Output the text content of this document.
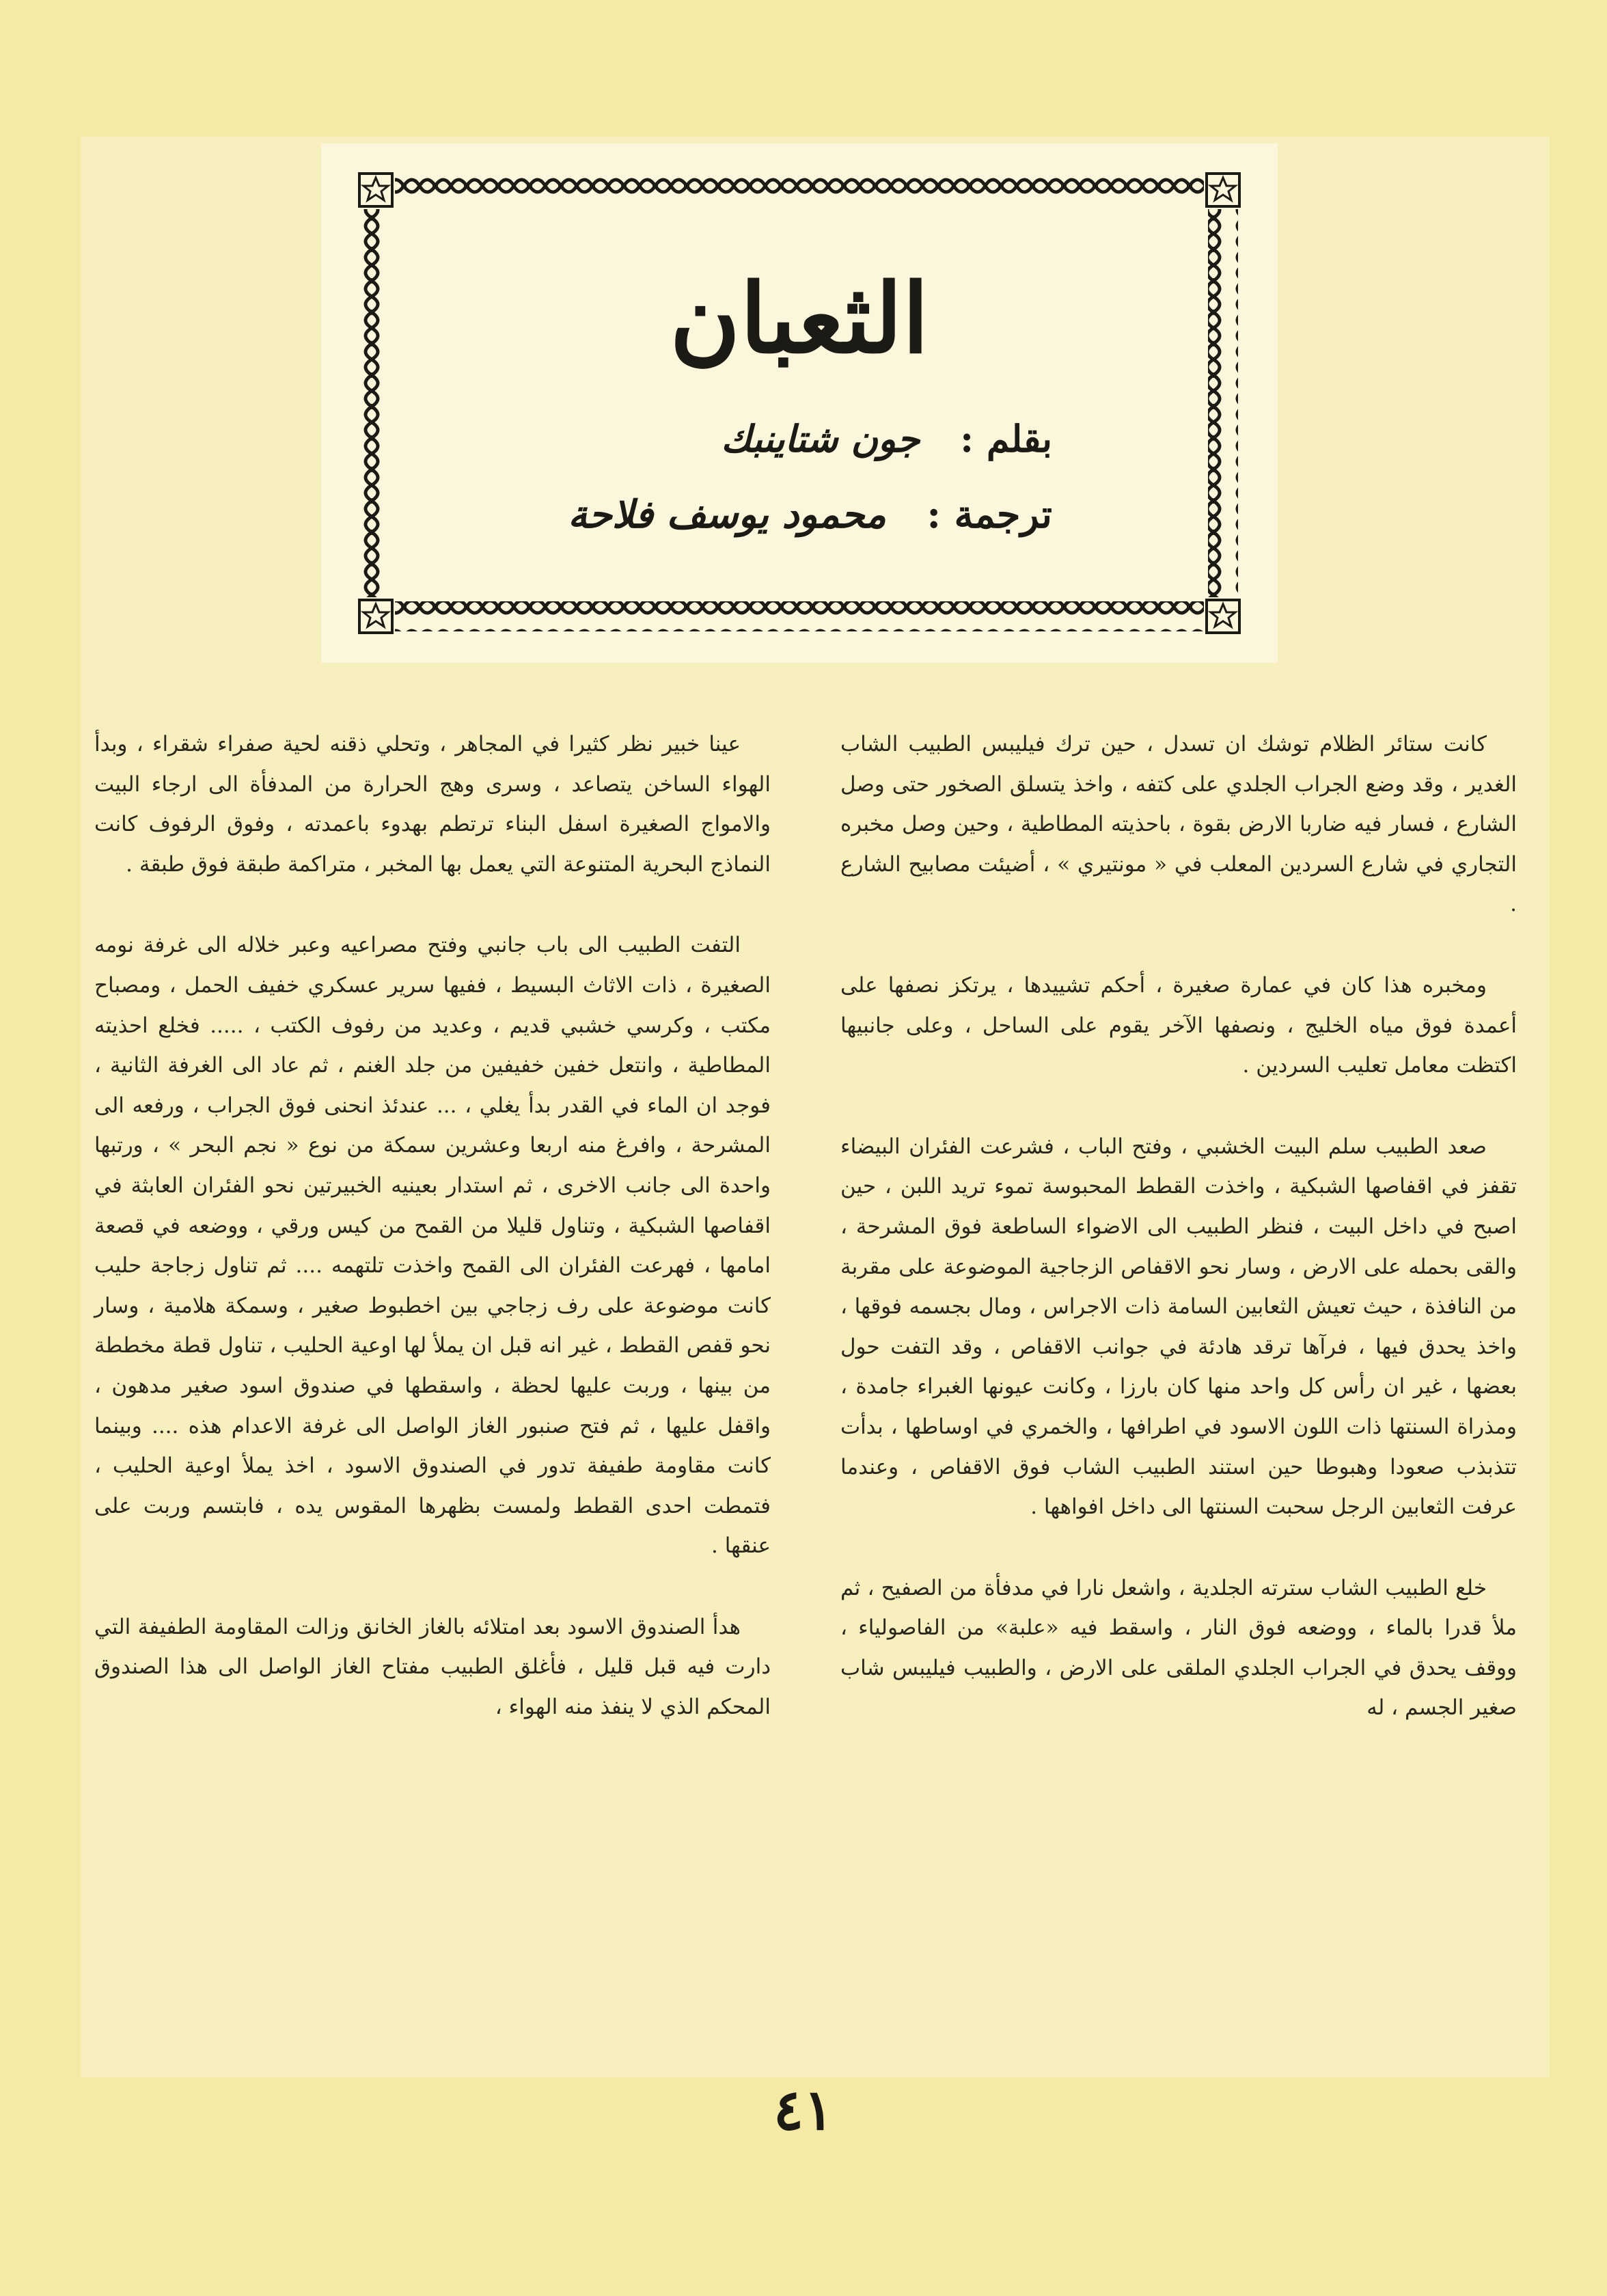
الثعبان
بقلم : جون شتاينبك
ترجمة : محمود يوسف فلاحة

كانت ستائر الظلام توشك ان تسدل ، حين ترك فيليبس الطبيب الشاب الغدير ، وقد وضع الجراب الجلدي على كتفه ، واخذ يتسلق الصخور حتى وصل الشارع ، فسار فيه ضاربا الارض بقوة ، باحذيته المطاطية ، وحين وصل مخبره التجاري في شارع السردين المعلب في « مونتيري » ، أضيئت مصابيح الشارع .

ومخبره هذا كان في عمارة صغيرة ، أحكم تشييدها ، يرتكز نصفها على أعمدة فوق مياه الخليج ، ونصفها الآخر يقوم على الساحل ، وعلى جانبيها اكتظت معامل تعليب السردين .

صعد الطبيب سلم البيت الخشبي ، وفتح الباب ، فشرعت الفئران البيضاء تقفز في اقفاصها الشبكية ، واخذت القطط المحبوسة تموء تريد اللبن ، حين اصبح في داخل البيت ، فنظر الطبيب الى الاضواء الساطعة فوق المشرحة ، والقى بحمله على الارض ، وسار نحو الاقفاص الزجاجية الموضوعة على مقربة من النافذة ، حيث تعيش الثعابين السامة ذات الاجراس ، ومال بجسمه فوقها ، واخذ يحدق فيها ، فرآها ترقد هادئة في جوانب الاقفاص ، وقد التفت حول بعضها ، غير ان رأس كل واحد منها كان بارزا ، وكانت عيونها الغبراء جامدة ، ومذراة السنتها ذات اللون الاسود في اطرافها ، والخمري في اوساطها ، بدأت تتذبذب صعودا وهبوطا حين استند الطبيب الشاب فوق الاقفاص ، وعندما عرفت الثعابين الرجل سحبت السنتها الى داخل افواهها .

خلع الطبيب الشاب سترته الجلدية ، واشعل نارا في مدفأة من الصفيح ، ثم ملأ قدرا بالماء ، ووضعه فوق النار ، واسقط فيه «علبة» من الفاصولياء ، ووقف يحدق في الجراب الجلدي الملقى على الارض ، والطبيب فيليبس شاب صغير الجسم ، له

عينا خبير نظر كثيرا في المجاهر ، وتحلي ذقنه لحية صفراء شقراء ، وبدأ الهواء الساخن يتصاعد ، وسرى وهج الحرارة من المدفأة الى ارجاء البيت والامواج الصغيرة اسفل البناء ترتطم بهدوء باعمدته ، وفوق الرفوف كانت النماذج البحرية المتنوعة التي يعمل بها المخبر ، متراكمة طبقة فوق طبقة .

التفت الطبيب الى باب جانبي وفتح مصراعيه وعبر خلاله الى غرفة نومه الصغيرة ، ذات الاثاث البسيط ، ففيها سرير عسكري خفيف الحمل ، ومصباح مكتب ، وكرسي خشبي قديم ، وعديد من رفوف الكتب ، ..... فخلع احذيته المطاطية ، وانتعل خفين خفيفين من جلد الغنم ، ثم عاد الى الغرفة الثانية ، فوجد ان الماء في القدر بدأ يغلي ، ... عندئذ انحنى فوق الجراب ، ورفعه الى المشرحة ، وافرغ منه اربعا وعشرين سمكة من نوع « نجم البحر » ، ورتبها واحدة الى جانب الاخرى ، ثم استدار بعينيه الخبيرتين نحو الفئران العابثة في اقفاصها الشبكية ، وتناول قليلا من القمح من كيس ورقي ، ووضعه في قصعة امامها ، فهرعت الفئران الى القمح واخذت تلتهمه .... ثم تناول زجاجة حليب كانت موضوعة على رف زجاجي بين اخطبوط صغير ، وسمكة هلامية ، وسار نحو قفص القطط ، غير انه قبل ان يملأ لها اوعية الحليب ، تناول قطة مخططة من بينها ، وربت عليها لحظة ، واسقطها في صندوق اسود صغير مدهون ، واقفل عليها ، ثم فتح صنبور الغاز الواصل الى غرفة الاعدام هذه .... وبينما كانت مقاومة طفيفة تدور في الصندوق الاسود ، اخذ يملأ اوعية الحليب ، فتمطت احدى القطط ولمست بظهرها المقوس يده ، فابتسم وربت على عنقها .

هدأ الصندوق الاسود بعد امتلائه بالغاز الخانق وزالت المقاومة الطفيفة التي دارت فيه قبل قليل ، فأغلق الطبيب مفتاح الغاز الواصل الى هذا الصندوق المحكم الذي لا ينفذ منه الهواء ،

٤١
